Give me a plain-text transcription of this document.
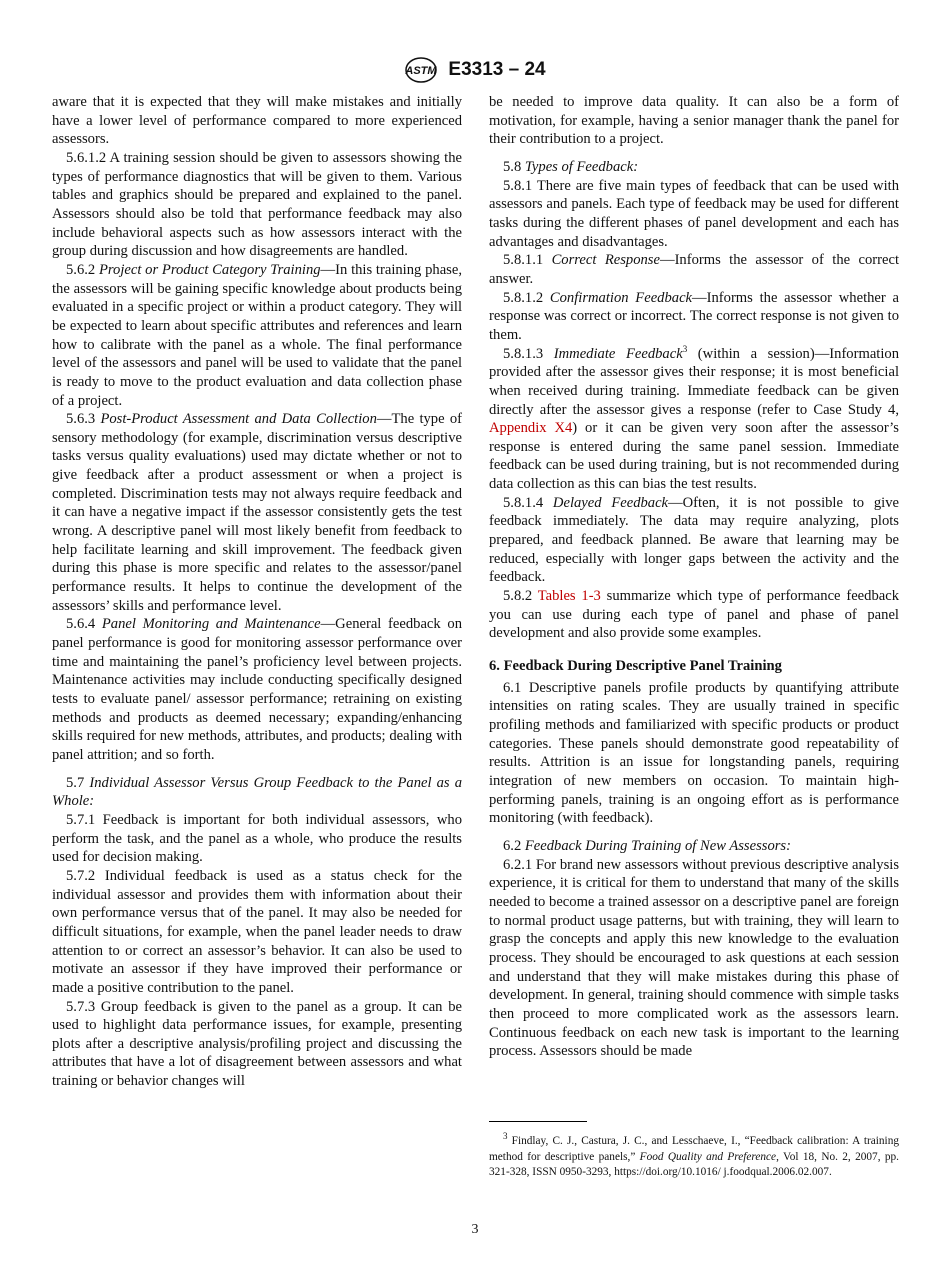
ASTM E3313 – 24

aware that it is expected that they will make mistakes and initially have a lower level of performance compared to more experienced assessors.

5.6.1.2 A training session should be given to assessors showing the types of performance diagnostics that will be given to them. Various tables and graphics should be prepared and explained to the panel. Assessors should also be told that performance feedback may also include behavioral aspects such as how assessors interact with the group during discussion and how disagreements are handled.

5.6.2 Project or Product Category Training—In this training phase, the assessors will be gaining specific knowledge about products being evaluated in a specific project or within a product category. They will be expected to learn about specific attributes and references and learn how to calibrate with the panel as a whole. The final performance level of the assessors and panel will be used to validate that the panel is ready to move to the product evaluation and data collection phase of a project.

5.6.3 Post-Product Assessment and Data Collection—The type of sensory methodology (for example, discrimination versus descriptive tasks versus quality evaluations) used may dictate whether or not to give feedback after a product assessment or when a project is completed. Discrimination tests may not always require feedback and it can have a negative impact if the assessor consistently gets the test wrong. A descriptive panel will most likely benefit from feedback to help facilitate learning and skill improvement. The feedback given during this phase is more specific and relates to the assessor/panel performance results. It helps to continue the development of the assessors’ skills and performance level.

5.6.4 Panel Monitoring and Maintenance—General feedback on panel performance is good for monitoring assessor performance over time and maintaining the panel’s proficiency level between projects. Maintenance activities may include conducting specifically designed tests to evaluate panel/ assessor performance; retraining on existing methods and products as deemed necessary; expanding/enhancing skills required for new methods, attributes, and products; dealing with panel attrition; and so forth.

5.7 Individual Assessor Versus Group Feedback to the Panel as a Whole:

5.7.1 Feedback is important for both individual assessors, who perform the task, and the panel as a whole, who produce the results used for decision making.

5.7.2 Individual feedback is used as a status check for the individual assessor and provides them with information about their own performance versus that of the panel. It may also be needed for difficult situations, for example, when the panel leader needs to draw attention to or correct an assessor’s behavior. It can also be used to motivate an assessor if they have improved their performance or made a positive contribution to the panel.

5.7.3 Group feedback is given to the panel as a group. It can be used to highlight data performance issues, for example, presenting plots after a descriptive analysis/profiling project and discussing the attributes that have a lot of disagreement between assessors and what training or behavior changes will

be needed to improve data quality. It can also be a form of motivation, for example, having a senior manager thank the panel for their contribution to a project.

5.8 Types of Feedback:

5.8.1 There are five main types of feedback that can be used with assessors and panels. Each type of feedback may be used for different tasks during the different phases of panel development and each has advantages and disadvantages.

5.8.1.1 Correct Response—Informs the assessor of the correct answer.

5.8.1.2 Confirmation Feedback—Informs the assessor whether a response was correct or incorrect. The correct response is not given to them.

5.8.1.3 Immediate Feedback$^3$ (within a session)—Information provided after the assessor gives their response; it is most beneficial when received during training. Immediate feedback can be given directly after the assessor gives a response (refer to Case Study 4, Appendix X4) or it can be given very soon after the assessor’s response is entered during the same panel session. Immediate feedback can be used during training, but is not recommended during data collection as this can bias the test results.

5.8.1.4 Delayed Feedback—Often, it is not possible to give feedback immediately. The data may require analyzing, plots prepared, and feedback planned. Be aware that learning may be reduced, especially with longer gaps between the activity and the feedback.

5.8.2 Tables 1-3 summarize which type of performance feedback you can use during each type of panel and phase of panel development and also provide some examples.

6. Feedback During Descriptive Panel Training

6.1 Descriptive panels profile products by quantifying attribute intensities on rating scales. They are usually trained in specific profiling methods and familiarized with specific products or product categories. These panels should demonstrate good repeatability of results. Attrition is an issue for longstanding panels, requiring integration of new members on occasion. To maintain high-performing panels, training is an ongoing effort as is performance monitoring (with feedback).

6.2 Feedback During Training of New Assessors:

6.2.1 For brand new assessors without previous descriptive analysis experience, it is critical for them to understand that many of the skills needed to become a trained assessor on a descriptive panel are foreign to normal product usage patterns, but with training, they will learn to grasp the concepts and apply this new knowledge to the evaluation process. They should be encouraged to ask questions at each session and understand that they will make mistakes during this phase of development. In general, training should commence with simple tasks then proceed to more complicated work as the assessors learn. Continuous feedback on each new task is important to the learning process. Assessors should be made

$^3$ Findlay, C. J., Castura, J. C., and Lesschaeve, I., “Feedback calibration: A training method for descriptive panels,” Food Quality and Preference, Vol 18, No. 2, 2007, pp. 321-328, ISSN 0950-3293, https://doi.org/10.1016/ j.foodqual.2006.02.007.

3
